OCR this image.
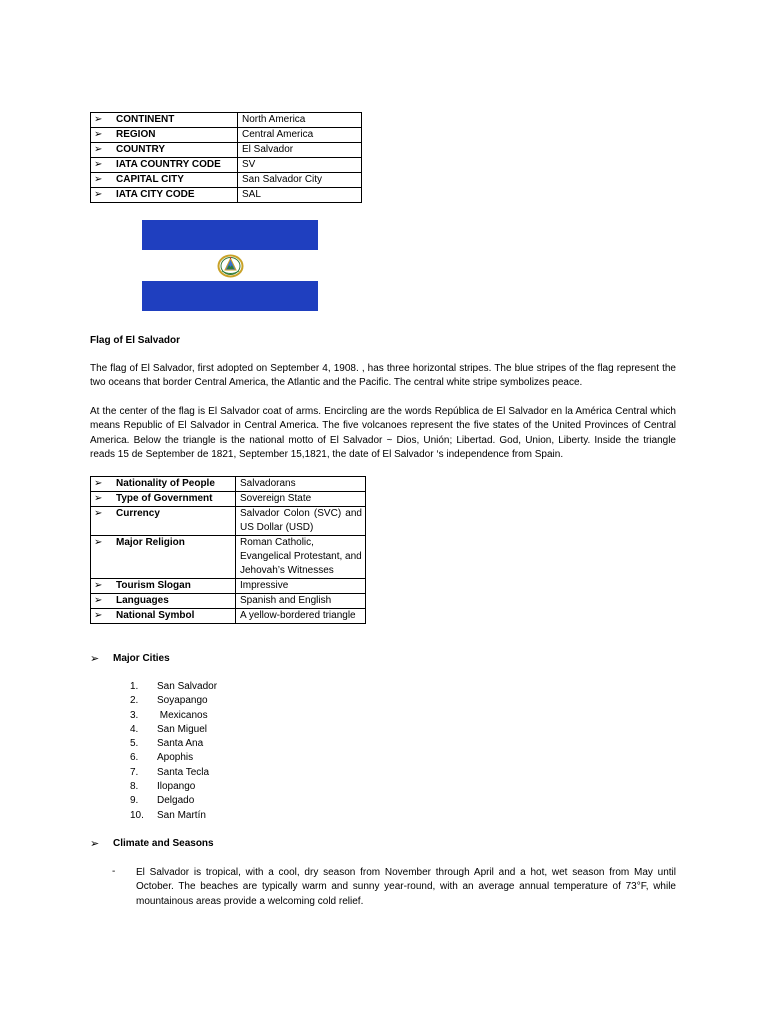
➢ CONTINENT	North America
➢ REGION	Central America
➢ COUNTRY	El Salvador
➢ IATA COUNTRY CODE	SV
➢ CAPITAL CITY	San Salvador City
➢ IATA CITY CODE	SAL
Flag of El Salvador
The flag of El Salvador, first adopted on September 4, 1908. , has three horizontal stripes. The blue stripes of the flag represent the two oceans that border Central America, the Atlantic and the Pacific. The central white stripe symbolizes peace.
At the center of the flag is El Salvador coat of arms. Encircling are the words República de El Salvador en la América Central which means Republic of El Salvador in Central America. The five volcanoes represent the five states of the United Provinces of Central America. Below the triangle is the national motto of El Salvador ~ Dios, Unión; Libertad. God, Union, Liberty. Inside the triangle reads 15 de September de 1821, September 15,1821, the date of El Salvador ‘s independence from Spain.
➢ Nationality of People	Salvadorans
➢ Type of Government	Sovereign State
➢ Currency	Salvador Colon (SVC) and US Dollar (USD)
➢ Major Religion	Roman Catholic, Evangelical Protestant, and Jehovah’s Witnesses
➢ Tourism Slogan	Impressive
➢ Languages	Spanish and English
➢ National Symbol	A yellow-bordered triangle
➢ Major Cities
1. San Salvador
2. Soyapango
3. Mexicanos
4. San Miguel
5. Santa Ana
6. Apophis
7. Santa Tecla
8. Ilopango
9. Delgado
10. San Martín
➢ Climate and Seasons
- El Salvador is tropical, with a cool, dry season from November through April and a hot, wet season from May until October. The beaches are typically warm and sunny year-round, with an average annual temperature of 73°F, while mountainous areas provide a welcoming cold relief.
